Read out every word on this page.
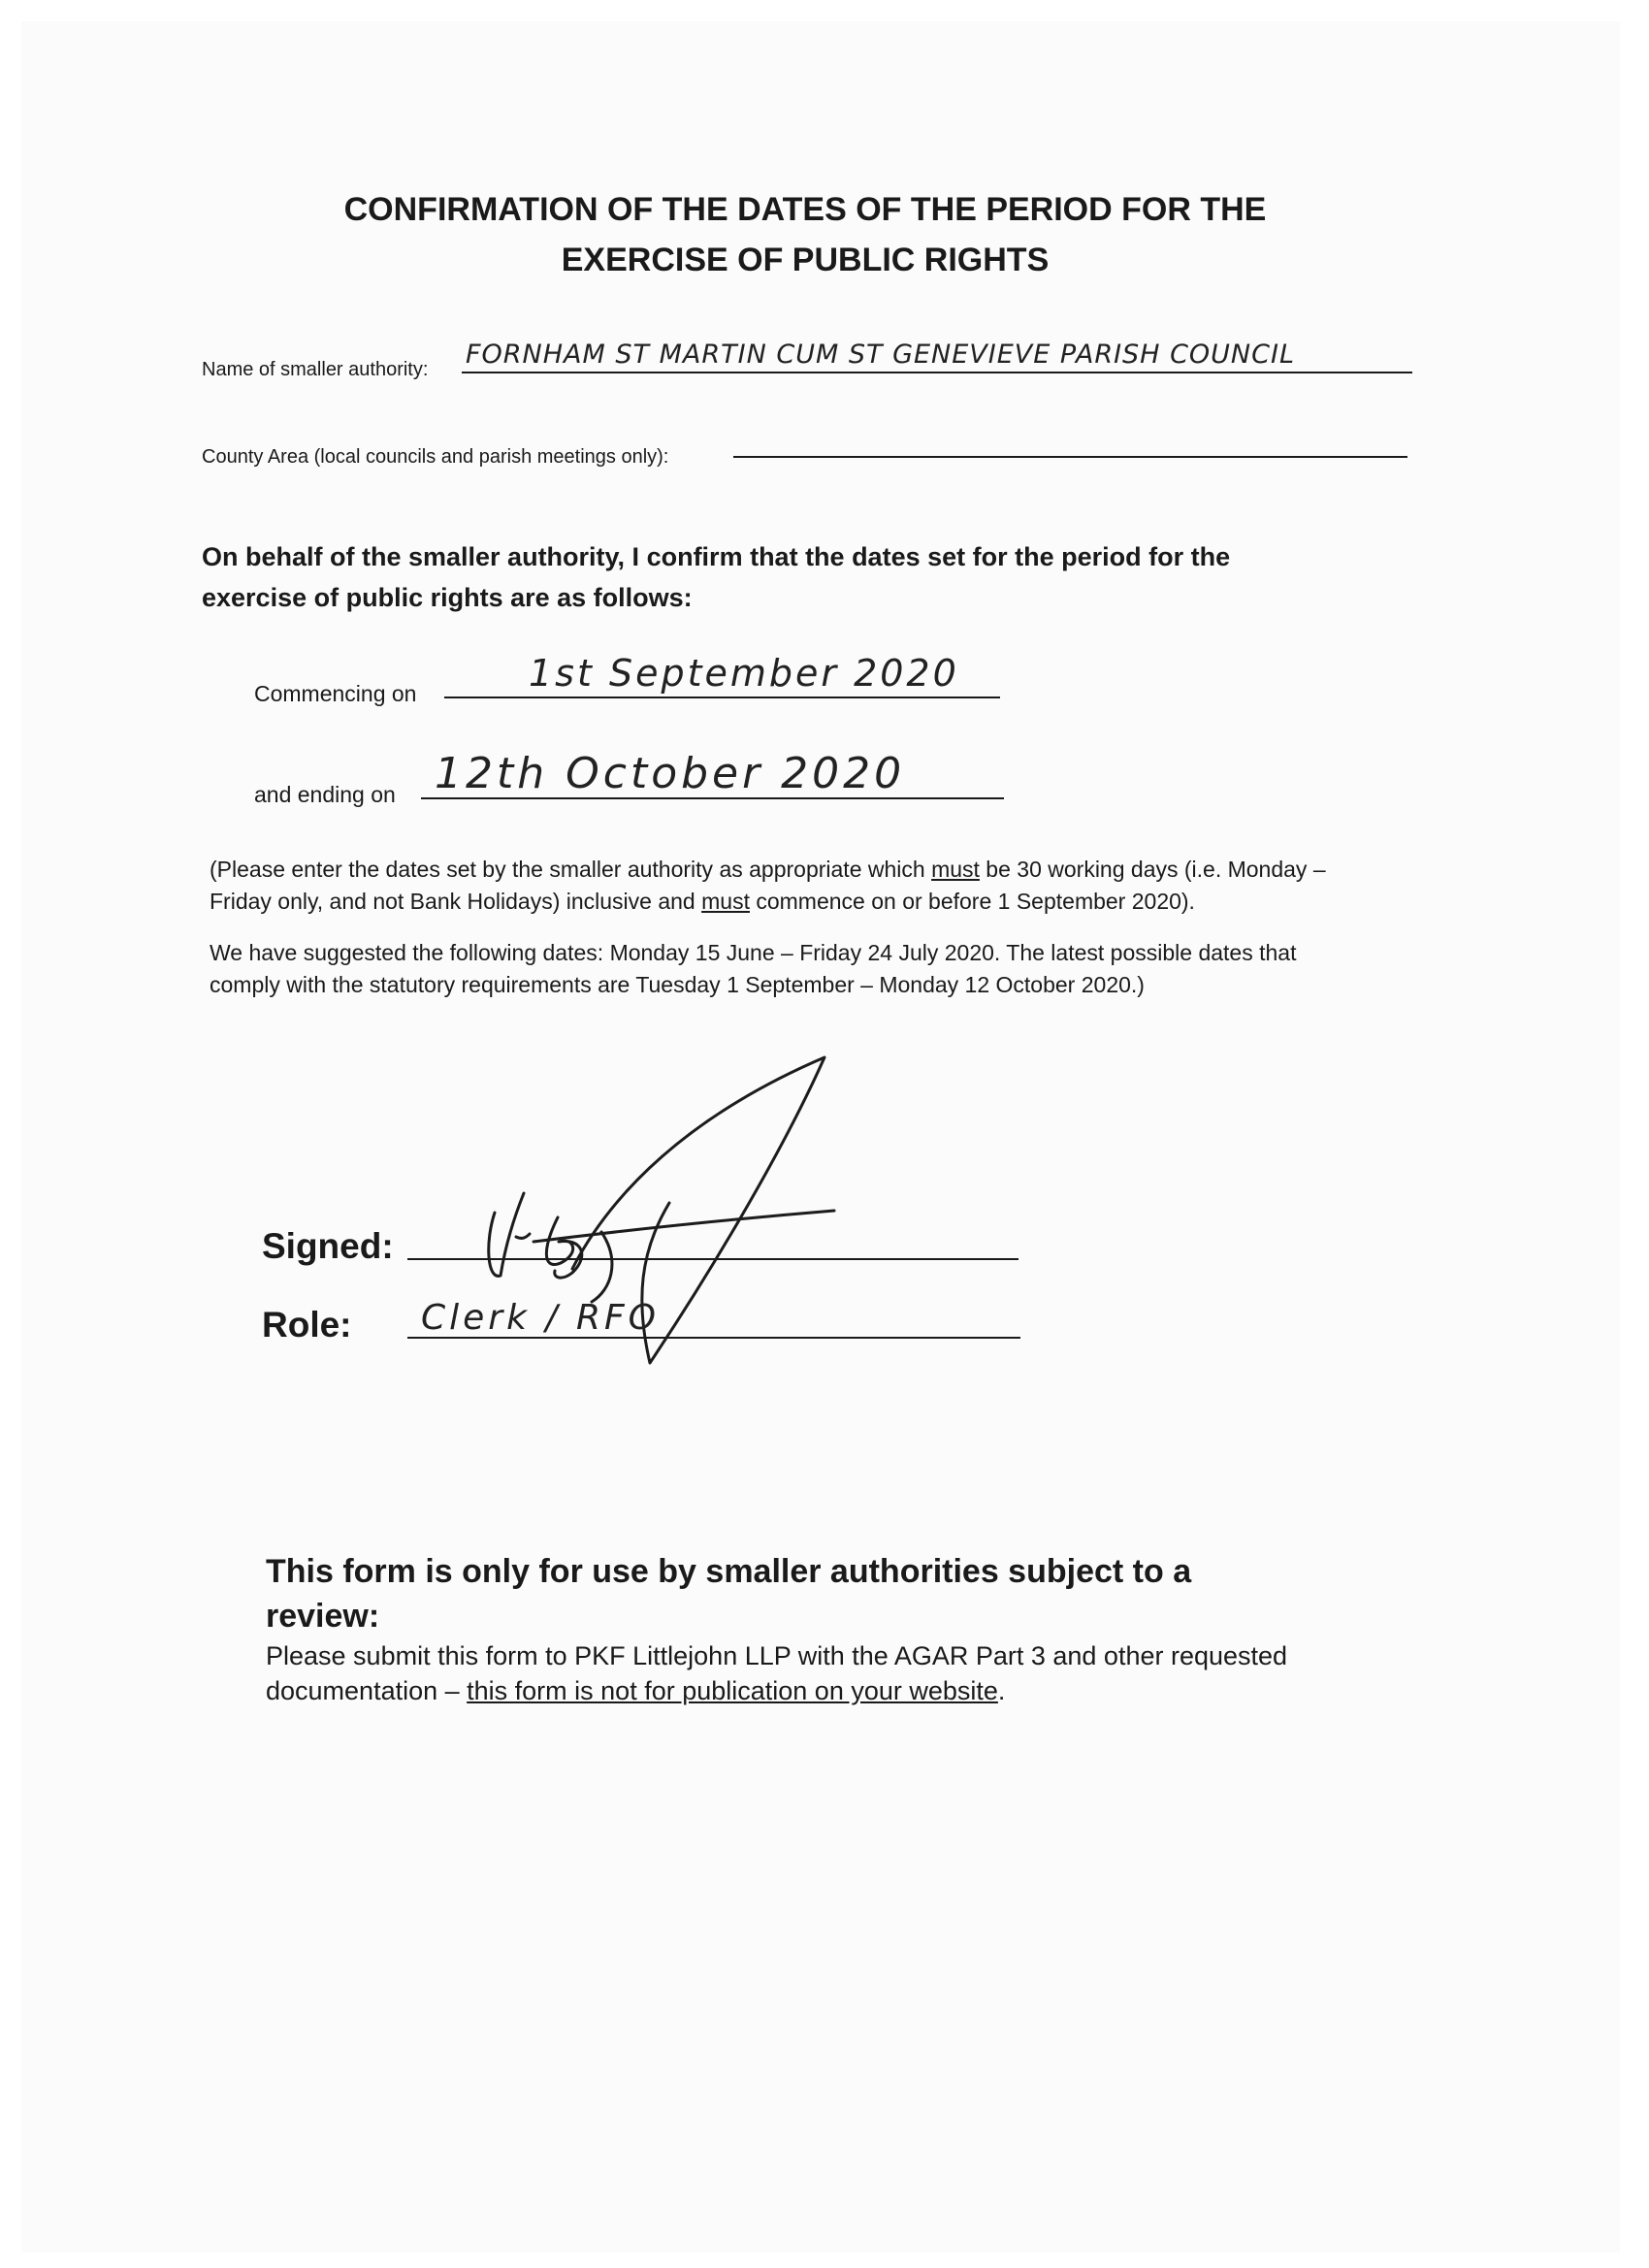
CONFIRMATION OF THE DATES OF THE PERIOD FOR THE
EXERCISE OF PUBLIC RIGHTS
Name of smaller authority: FORNHAM ST MARTIN CUM ST GENEVIEVE PARISH COUNCIL
County Area (local councils and parish meetings only):
On behalf of the smaller authority, I confirm that the dates set for the period for the
exercise of public rights are as follows:
Commencing on	1st September 2020
and ending on 12th October 2020
(Please enter the dates set by the smaller authority as appropriate which must be 30 working days (i.e. Monday –
Friday only, and not Bank Holidays) inclusive and must commence on or before 1 September 2020).
We have suggested the following dates: Monday 15 June – Friday 24 July 2020. The latest possible dates that
comply with the statutory requirements are Tuesday 1 September – Monday 12 October 2020.)
Signed:
Role: Clerk / RFO
This form is only for use by smaller authorities subject to a
review:
Please submit this form to PKF Littlejohn LLP with the AGAR Part 3 and other requested
documentation – this form is not for publication on your website.
